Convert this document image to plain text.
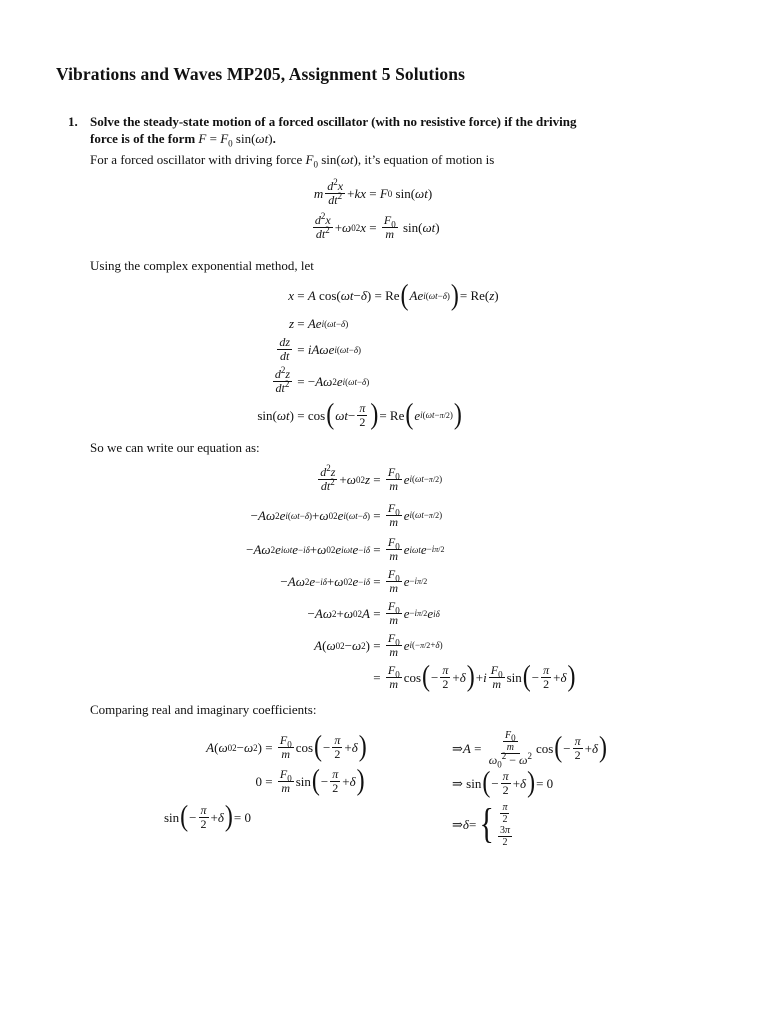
Vibrations and Waves MP205, Assignment 5 Solutions
1. Solve the steady-state motion of a forced oscillator (with no resistive force) if the driving
force is of the form $F = F_0$ sin(ωt).
For a forced oscillator with driving force $F_0$ sin(ωt), it’s equation of motion is
m $\frac{d^2x}{dt^2}$ + kx = F 0 sin( ωt )
$\frac{d^2x}{dt^2} + \omega$ 0 2 $x = \frac{F_0}{m} \sin$( ωt )
Using the complex exponential method, let
x = A cos( ωt − δ ) = Re ( Ae i(ωt−δ) ) = Re( z )
z = Ae i(ωt−δ)
$\frac{dz}{dt} = iA\omega e$ i(ωt−δ)
$\frac{d^2z}{dt^2}$ = − Aω 2 e i(ωt−δ)
sin( ωt ) = cos ( $\omega t - \frac{\pi}{2}$ ) = Re ( e i(ωt−π/2) )
So we can write our equation as:
$\frac{d^2z}{dt^2} + \omega$ 0 2 $z = \frac{F_0}{m}$ e i(ωt−π/2)
− Aω 2 e i(ωt−δ) + ω 0 2 e $i(\omega t-\delta) = \frac{F_0}{m}$ e i(ωt−π/2)
− Aω 2 e iωt e −iδ + ω 0 2 e iωt $e -i\delta = \frac{F_0}{m}$ e iωt e −iπ/2
− Aω 2 e −iδ + ω 0 2 $e -i\delta = \frac{F_0}{m}$ e −iπ/2
− Aω 2 + ω 0 2 $A = \frac{F_0}{m}$ e −iπ/2 e iδ
A ( ω 0 2 − ω 2 ) = $\frac{F_0}{m}$ e i(−π/2+δ)
= $\frac{F_0}{m}$ cos ( − $\frac{\pi}{2} + \delta$ ) + i $\frac{F_0}{m}$ sin ( − $\frac{\pi}{2} + \delta$ )
Comparing real and imaginary coefficients:
A ( ω 0 2 − ω 2 ) = $\frac{F_0}{m}$ cos ( − $\frac{\pi}{2} + \delta$ )
$0 = \frac{F_0}{m}$ sin ( − $\frac{\pi}{2} + \delta$ )
sin ( − $\frac{\pi}{2} + \delta$ ) = 0
⇒ $A = \frac{\frac{F_0}{m}}{\omega_0^2 - \omega^2}$ cos ( − $\frac{\pi}{2} + \delta$ )
⇒ sin ( − $\frac{\pi}{2} + \delta$ ) = 0
⇒ δ = { $\frac{\pi}{2}$
$\frac{3\pi}{2}$
